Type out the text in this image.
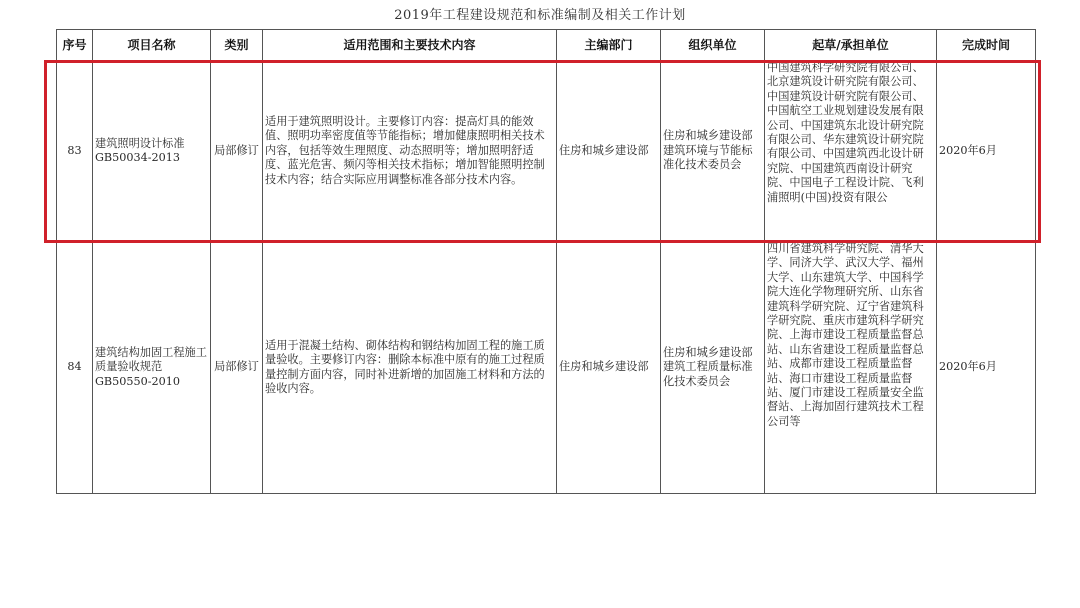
2019年工程建设规范和标准编制及相关工作计划
序号	项目名称	类别	适用范围和主要技术内容	主编部门	组织单位	起草/承担单位	完成时间
83	建筑照明设计标准GB50034-2013	局部修订	适用于建筑照明设计。主要修订内容：提高灯具的能效值、照明功率密度值等节能指标；增加健康照明相关技术内容，包括等效生理照度、动态照明等；增加照明舒适度、蓝光危害、频闪等相关技术指标；增加智能照明控制技术内容；结合实际应用调整标准各部分技术内容。	住房和城乡建设部	住房和城乡建设部建筑环境与节能标准化技术委员会	中国建筑科学研究院有限公司、北京建筑设计研究院有限公司、中国建筑设计研究院有限公司、中国航空工业规划建设发展有限公司、中国建筑东北设计研究院有限公司、华东建筑设计研究院有限公司、中国建筑西北设计研究院、中国建筑西南设计研究院、中国电子工程设计院、飞利浦照明(中国)投资有限公	2020年6月
84	建筑结构加固工程施工质量验收规范GB50550-2010	局部修订	适用于混凝土结构、砌体结构和钢结构加固工程的施工质量验收。主要修订内容：删除本标准中原有的施工过程质量控制方面内容，同时补进新增的加固施工材料和方法的验收内容。	住房和城乡建设部	住房和城乡建设部建筑工程质量标准化技术委员会	四川省建筑科学研究院、清华大学、同济大学、武汉大学、福州大学、山东建筑大学、中国科学院大连化学物理研究所、山东省建筑科学研究院、辽宁省建筑科学研究院、重庆市建筑科学研究院、上海市建设工程质量监督总站、山东省建设工程质量监督总站、成都市建设工程质量监督站、海口市建设工程质量监督站、厦门市建设工程质量安全监督站、上海加固行建筑技术工程公司等	2020年6月
